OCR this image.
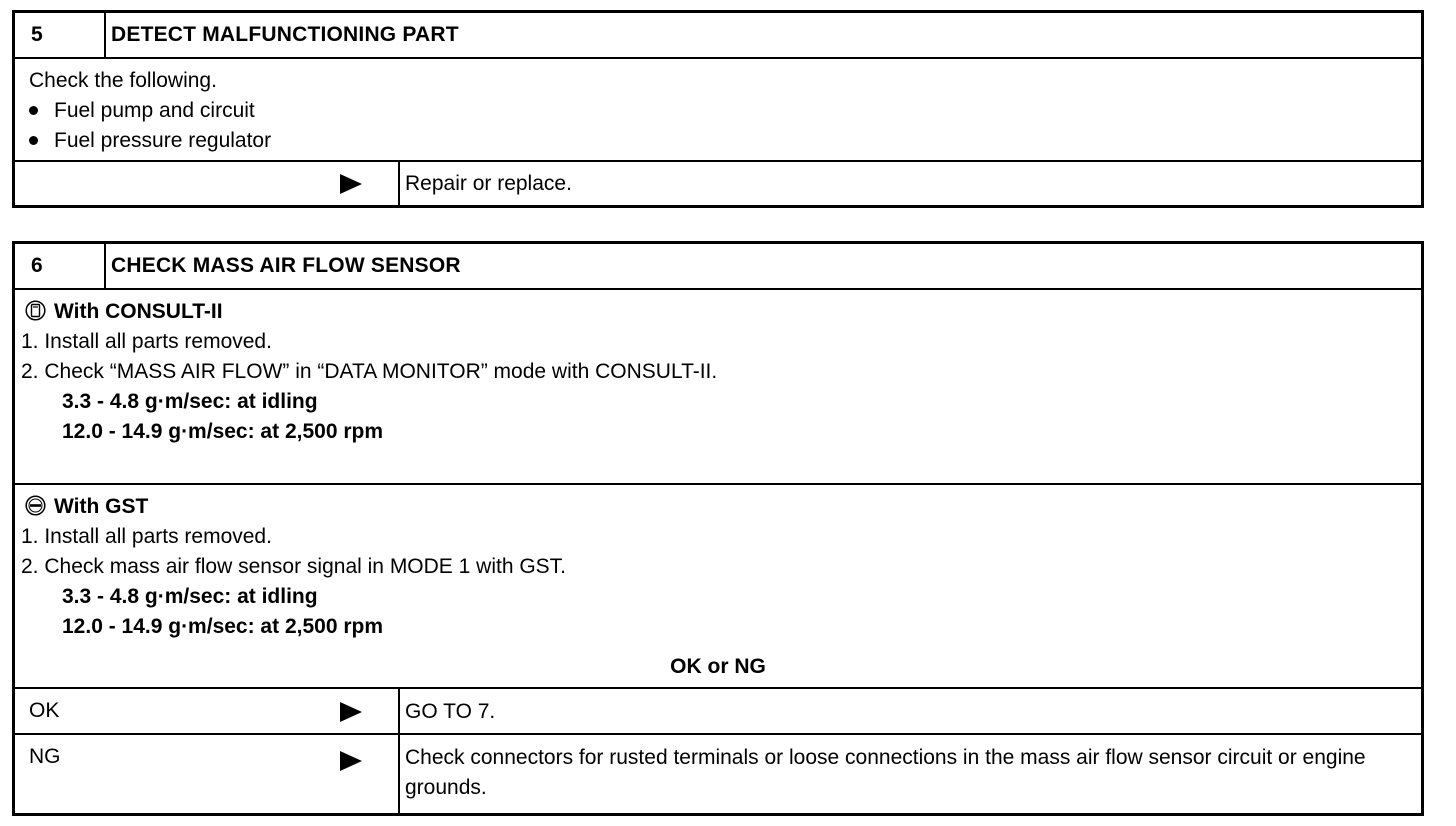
5	DETECT MALFUNCTIONING PART
Check the following.
Fuel pump and circuit
Fuel pressure regulator
Repair or replace.
6	CHECK MASS AIR FLOW SENSOR
With CONSULT-II
1. Install all parts removed.
2. Check “MASS AIR FLOW” in “DATA MONITOR” mode with CONSULT-II.
3.3 - 4.8 g·m/sec: at idling
12.0 - 14.9 g·m/sec: at 2,500 rpm
With GST
1. Install all parts removed.
2. Check mass air flow sensor signal in MODE 1 with GST.
3.3 - 4.8 g·m/sec: at idling
12.0 - 14.9 g·m/sec: at 2,500 rpm
OK or NG
OK	GO TO 7.
NG	Check connectors for rusted terminals or loose connections in the mass air flow sensor circuit or engine grounds.
